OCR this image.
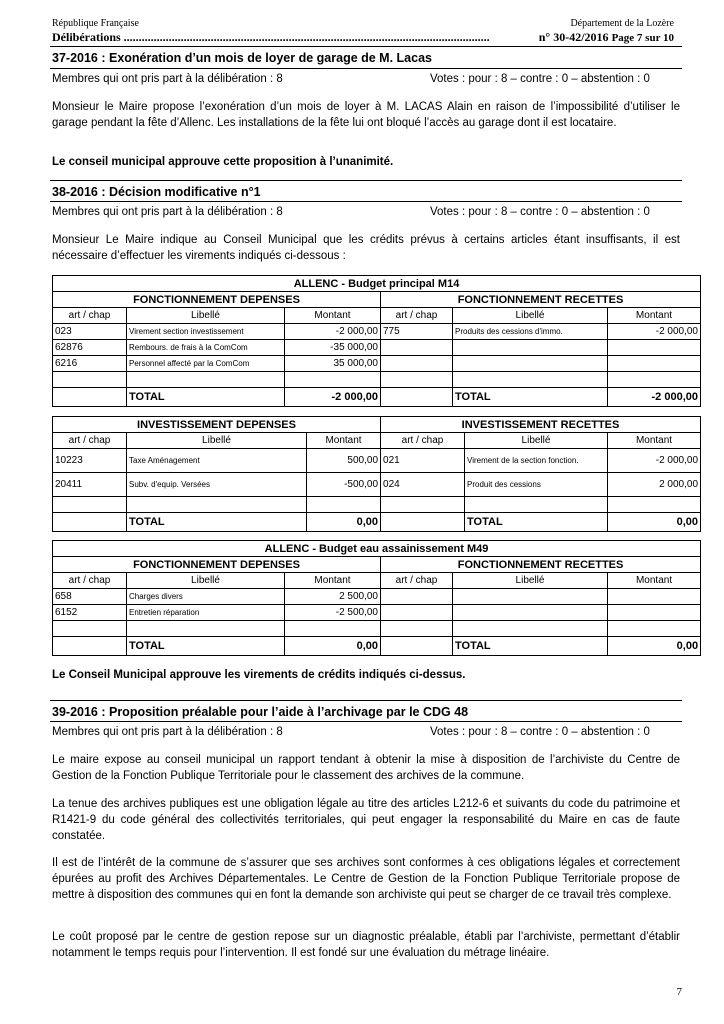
République Française	Département de la Lozère
Délibérations ..........................................................................................................................	n° 30-42/2016 Page 7 sur 10
37-2016 : Exonération d’un mois de loyer de garage de M. Lacas
Membres qui ont pris part à la délibération : 8	Votes : pour : 8 – contre : 0 – abstention : 0
Monsieur le Maire propose l’exonération d’un mois de loyer à M. LACAS Alain en raison de l’impossibilité d’utiliser le garage pendant la fête d’Allenc. Les installations de la fête lui ont bloqué l’accès au garage dont il est locataire.
Le conseil municipal approuve cette proposition à l’unanimité.
38-2016 : Décision modificative n°1
Membres qui ont pris part à la délibération : 8	Votes : pour : 8 – contre : 0 – abstention : 0
Monsieur Le Maire indique au Conseil Municipal que les crédits prévus à certains articles étant insuffisants, il est nécessaire d’effectuer les virements indiqués ci-dessous :
ALLENC - Budget principal M14					
FONCTIONNEMENT DEPENSES			FONCTIONNEMENT RECETTES		
art / chap	Libellé	Montant	art / chap	Libellé	Montant
023	Virement section investissement	-2 000,00	775	Produits des cessions d'immo.	-2 000,00
62876	Rembours. de frais à la ComCom	-35 000,00			
6216	Personnel affecté par la ComCom	35 000,00			

	TOTAL	-2 000,00		TOTAL	-2 000,00
INVESTISSEMENT DEPENSES			INVESTISSEMENT RECETTES		
art / chap	Libellé	Montant	art / chap	Libellé	Montant
10223	Taxe Aménagement	500,00	021	Virement de la section fonction.	-2 000,00
20411	Subv. d'equip. Versées	-500,00	024	Produit des cessions	2 000,00

	TOTAL	0,00		TOTAL	0,00
ALLENC - Budget eau assainissement M49					
FONCTIONNEMENT DEPENSES			FONCTIONNEMENT RECETTES		
art / chap	Libellé	Montant	art / chap	Libellé	Montant
658	Charges divers	2 500,00			
6152	Entretien réparation	-2 500,00			

	TOTAL	0,00		TOTAL	0,00
Le Conseil Municipal approuve les virements de crédits indiqués ci-dessus.
39-2016 : Proposition préalable pour l’aide à l’archivage par le CDG 48
Membres qui ont pris part à la délibération : 8	Votes : pour : 8 – contre : 0 – abstention : 0
Le maire expose au conseil municipal un rapport tendant à obtenir la mise à disposition de l’archiviste du Centre de Gestion de la Fonction Publique Territoriale pour le classement des archives de la commune.
La tenue des archives publiques est une obligation légale au titre des articles L212-6 et suivants du code du patrimoine et R1421-9 du code général des collectivités territoriales, qui peut engager la responsabilité du Maire en cas de faute constatée.
Il est de l’intérêt de la commune de s’assurer que ses archives sont conformes à ces obligations légales et correctement épurées au profit des Archives Départementales. Le Centre de Gestion de la Fonction Publique Territoriale propose de mettre à disposition des communes qui en font la demande son archiviste qui peut se charger de ce travail très complexe.
Le coût proposé par le centre de gestion repose sur un diagnostic préalable, établi par l’archiviste, permettant d’établir notamment le temps requis pour l’intervention. Il est fondé sur une évaluation du métrage linéaire.
7
